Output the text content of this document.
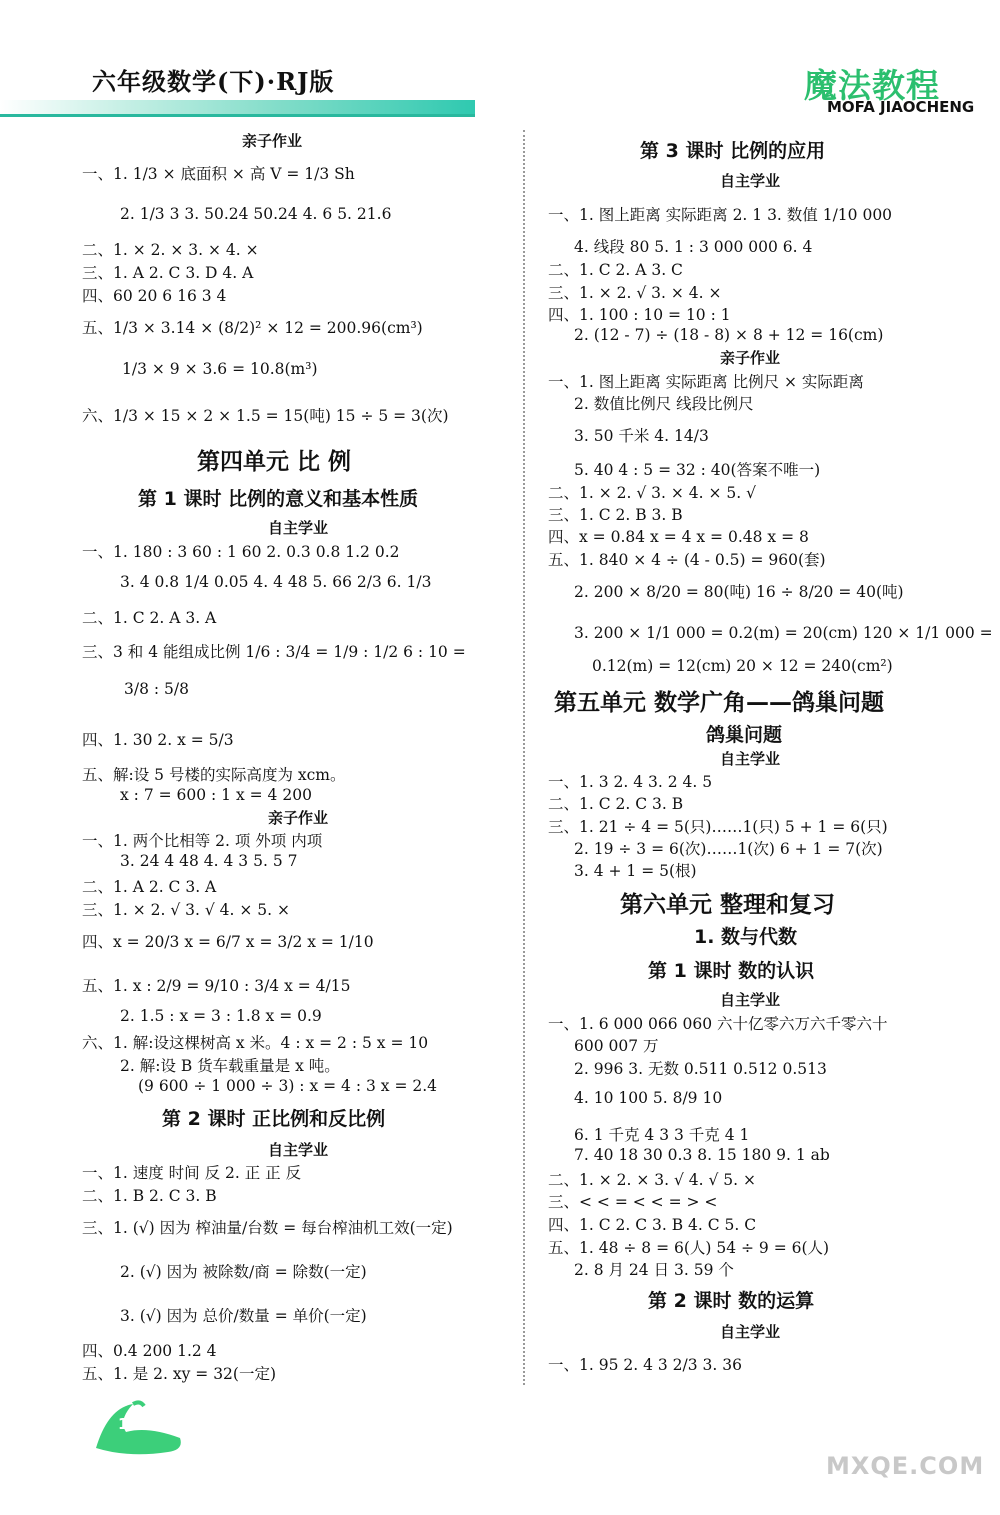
六年级数学(下)·RJ版	魔法教程
MOFA JIAOCHENG
亲子作业
一、1. 1/3 × 底面积 × 高 V = 1/3 Sh
2. 1/3 3 3. 50.24 50.24 4. 6 5. 21.6
二、1. × 2. × 3. × 4. ×
三、1. A 2. C 3. D 4. A
四、60 20 6 16 3 4
五、1/3 × 3.14 × (8/2)² × 12 = 200.96(cm³)
1/3 × 9 × 3.6 = 10.8(m³)
六、1/3 × 15 × 2 × 1.5 = 15(吨) 15 ÷ 5 = 3(次)
第四单元 比 例
第 1 课时 比例的意义和基本性质
自主学业
一、1. 180 : 3 60 : 1 60 2. 0.3 0.8 1.2 0.2
3. 4 0.8 1/4 0.05 4. 4 48 5. 66 2/3 6. 1/3
二、1. C 2. A 3. A
三、3 和 4 能组成比例 1/6 : 3/4 = 1/9 : 1/2 6 : 10 =
3/8 : 5/8
四、1. 30 2. x = 5/3
五、解:设 5 号楼的实际高度为 xcm。
x : 7 = 600 : 1 x = 4 200
亲子作业
一、1. 两个比相等 2. 项 外项 内项
3. 24 4 48 4. 4 3 5. 5 7
二、1. A 2. C 3. A
三、1. × 2. √ 3. √ 4. × 5. ×
四、x = 20/3 x = 6/7 x = 3/2 x = 1/10
五、1. x : 2/9 = 9/10 : 3/4 x = 4/15
2. 1.5 : x = 3 : 1.8 x = 0.9
六、1. 解:设这棵树高 x 米。4 : x = 2 : 5 x = 10
2. 解:设 B 货车载重量是 x 吨。
(9 600 ÷ 1 000 ÷ 3) : x = 4 : 3 x = 2.4
第 2 课时 正比例和反比例
自主学业
一、1. 速度 时间 反 2. 正 正 反
二、1. B 2. C 3. B
三、1. (√) 因为 榨油量/台数 = 每台榨油机工效(一定)
2. (√) 因为 被除数/商 = 除数(一定)
3. (√) 因为 总价/数量 = 单价(一定)
四、0.4 200 1.2 4
五、1. 是 2. xy = 32(一定)
第 3 课时 比例的应用
自主学业
一、1. 图上距离 实际距离 2. 1 3. 数值 1/10 000
4. 线段 80 5. 1 : 3 000 000 6. 4
二、1. C 2. A 3. C
三、1. × 2. √ 3. × 4. ×
四、1. 100 : 10 = 10 : 1
2. (12 - 7) ÷ (18 - 8) × 8 + 12 = 16(cm)
亲子作业
一、1. 图上距离 实际距离 比例尺 × 实际距离
2. 数值比例尺 线段比例尺
3. 50 千米 4. 14/3
5. 40 4 : 5 = 32 : 40(答案不唯一)
二、1. × 2. √ 3. × 4. × 5. √
三、1. C 2. B 3. B
四、x = 0.84 x = 4 x = 0.48 x = 8
五、1. 840 × 4 ÷ (4 - 0.5) = 960(套)
2. 200 × 8/20 = 80(吨) 16 ÷ 8/20 = 40(吨)
3. 200 × 1/1 000 = 0.2(m) = 20(cm) 120 × 1/1 000 =
0.12(m) = 12(cm) 20 × 12 = 240(cm²)
第五单元 数学广角——鸽巢问题
鸽巢问题
自主学业
一、1. 3 2. 4 3. 2 4. 5
二、1. C 2. C 3. B
三、1. 21 ÷ 4 = 5(只)……1(只) 5 + 1 = 6(只)
2. 19 ÷ 3 = 6(次)……1(次) 6 + 1 = 7(次)
3. 4 + 1 = 5(根)
第六单元 整理和复习
1. 数与代数
第 1 课时 数的认识
自主学业
一、1. 6 000 066 060 六十亿零六万六千零六十
600 007 万
2. 996 3. 无数 0.511 0.512 0.513
4. 10 100 5. 8/9 10
6. 1 千克 4 3 3 千克 4 1
7. 40 18 30 0.3 8. 15 180 9. 1 ab
二、1. × 2. × 3. √ 4. √ 5. ×
三、< < = < < = > <
四、1. C 2. C 3. B 4. C 5. C
五、1. 48 ÷ 8 = 6(人) 54 ÷ 9 = 6(人)
2. 8 月 24 日 3. 59 个
第 2 课时 数的运算
自主学业
一、1. 95 2. 4 3 2/3 3. 36
176
MXQE.COM
